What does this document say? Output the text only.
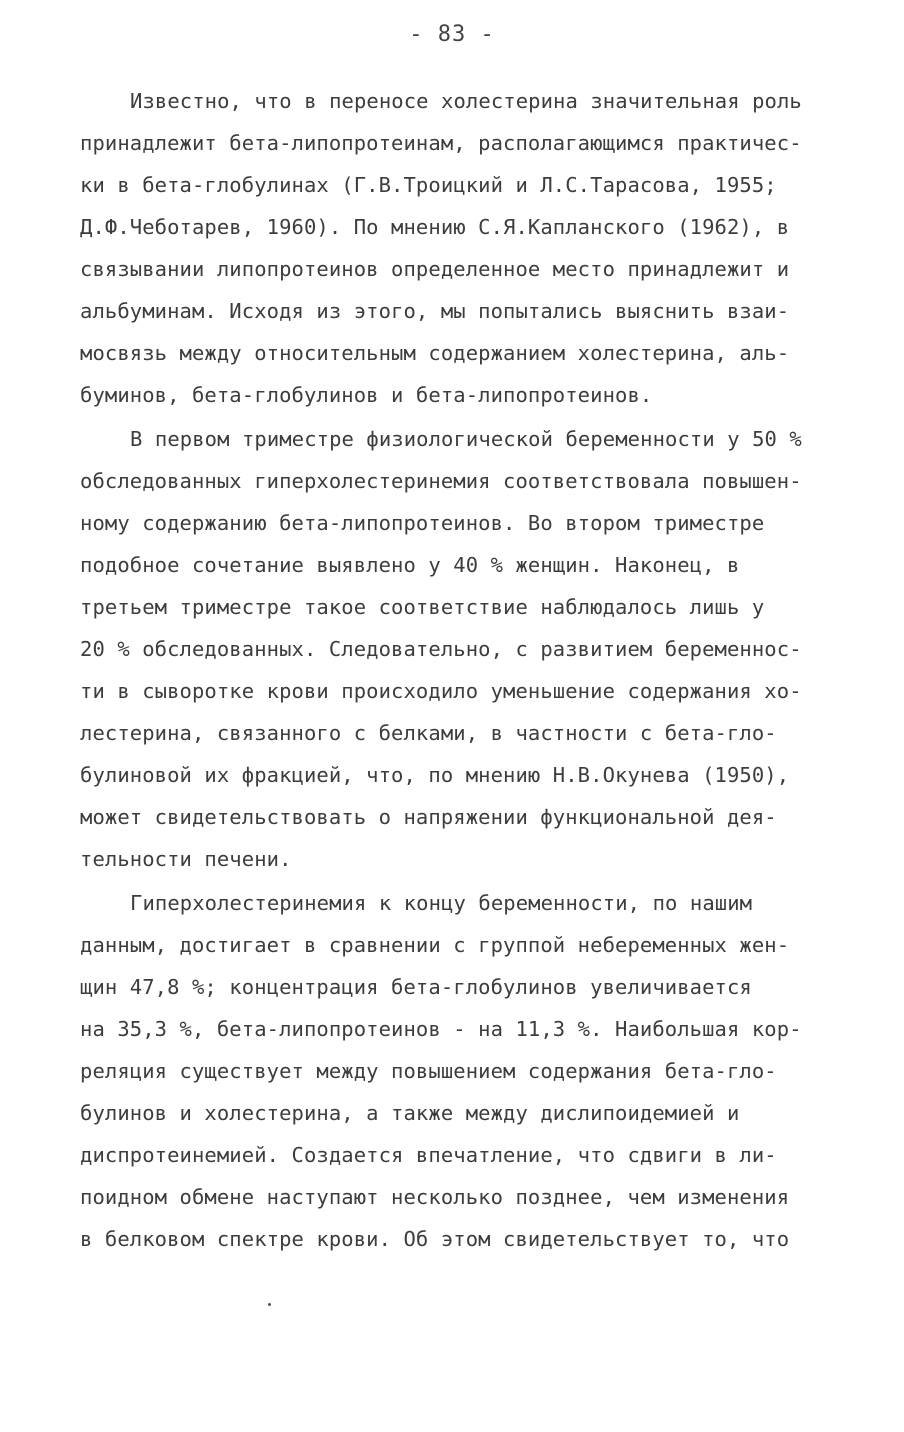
- 83 -
Известно, что в переносе холестерина значительная роль
принадлежит бета-липопротеинам, располагающимся практичес-
ки в бета-глобулинах (Г.В.Троицкий и Л.С.Тарасова, 1955;
Д.Ф.Чеботарев, 1960). По мнению С.Я.Капланского (1962), в
связывании липопротеинов определенное место принадлежит и
альбуминам. Исходя из этого, мы попытались выяснить взаи-
мосвязь между относительным содержанием холестерина, аль-
буминов, бета-глобулинов и бета-липопротеинов.
В первом триместре физиологической беременности у 50 %
обследованных гиперхолестеринемия соответствовала повышен-
ному содержанию бета-липопротеинов. Во втором триместре
подобное сочетание выявлено у 40 % женщин. Наконец, в
третьем триместре такое соответствие наблюдалось лишь у
20 % обследованных. Следовательно, с развитием беременнос-
ти в сыворотке крови происходило уменьшение содержания хо-
лестерина, связанного с белками, в частности с бета-гло-
булиновой их фракцией, что, по мнению Н.В.Окунева (1950),
может свидетельствовать о напряжении функциональной дея-
тельности печени.
Гиперхолестеринемия к концу беременности, по нашим
данным, достигает в сравнении с группой небеременных жен-
щин 47,8 %; концентрация бета-глобулинов увеличивается
на 35,3 %, бета-липопротеинов - на 11,3 %. Наибольшая кор-
реляция существует между повышением содержания бета-гло-
булинов и холестерина, а также между дислипоидемией и
диспротеинемией. Создается впечатление, что сдвиги в ли-
поидном обмене наступают несколько позднее, чем изменения
в белковом спектре крови. Об этом свидетельствует то, что
